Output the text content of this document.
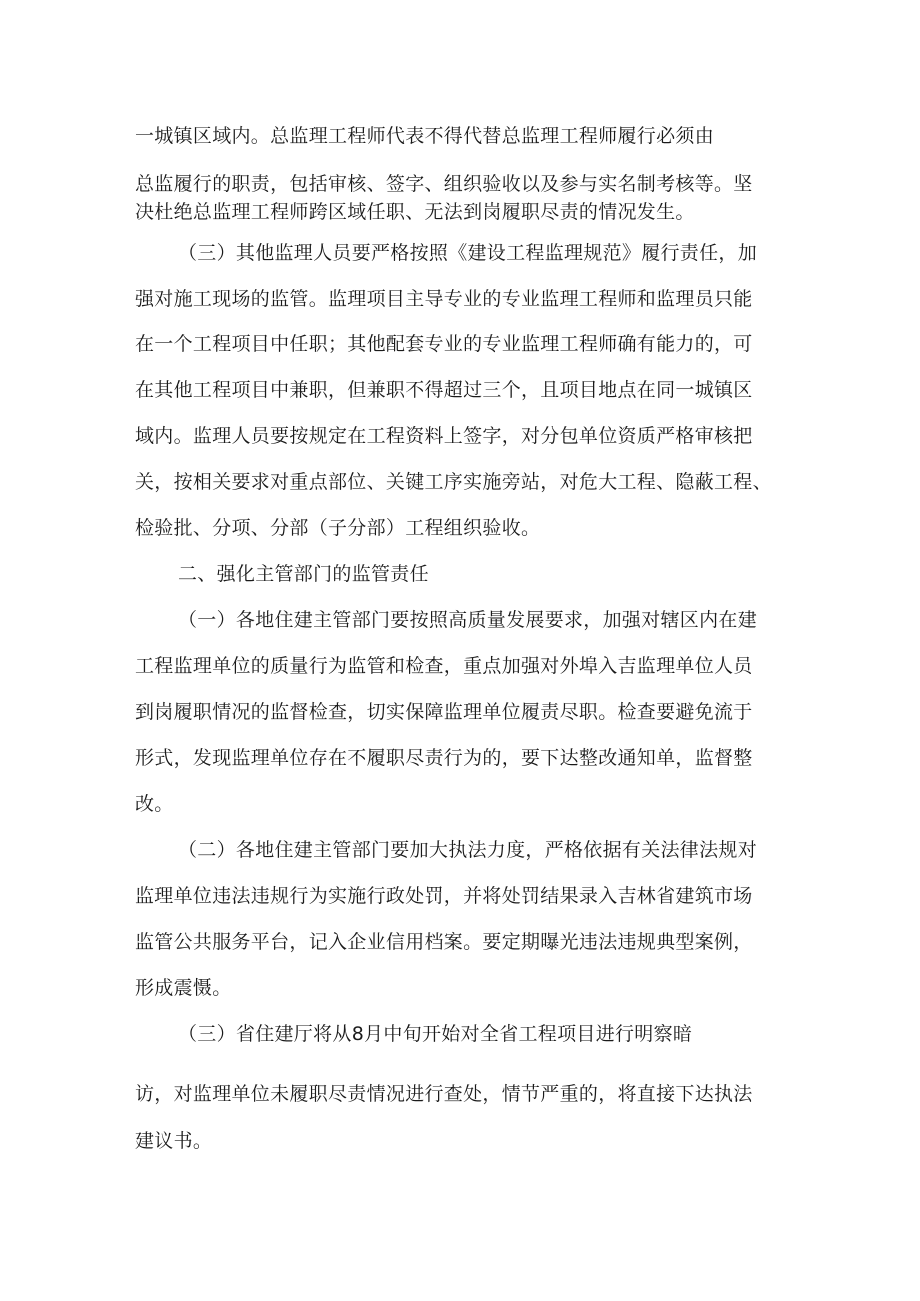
一城镇区域内。总监理工程师代表不得代替总监理工程师履行必须由
总监履行的职责，包括审核、签字、组织验收以及参与实名制考核等。坚
决杜绝总监理工程师跨区域任职、无法到岗履职尽责的情况发生。
（三）其他监理人员要严格按照《建设工程监理规范》履行责任，加
强对施工现场的监管。监理项目主导专业的专业监理工程师和监理员只能
在一个工程项目中任职；其他配套专业的专业监理工程师确有能力的，可
在其他工程项目中兼职，但兼职不得超过三个，且项目地点在同一城镇区
域内。监理人员要按规定在工程资料上签字，对分包单位资质严格审核把
关，按相关要求对重点部位、关键工序实施旁站，对危大工程、隐蔽工程、
检验批、分项、分部（子分部）工程组织验收。
二、强化主管部门的监管责任
（一）各地住建主管部门要按照高质量发展要求，加强对辖区内在建
工程监理单位的质量行为监管和检查，重点加强对外埠入吉监理单位人员
到岗履职情况的监督检查，切实保障监理单位履责尽职。检查要避免流于
形式，发现监理单位存在不履职尽责行为的，要下达整改通知单，监督整
改。
（二）各地住建主管部门要加大执法力度，严格依据有关法律法规对
监理单位违法违规行为实施行政处罚，并将处罚结果录入吉林省建筑市场
监管公共服务平台，记入企业信用档案。要定期曝光违法违规典型案例，
形成震慑。
（三）省住建厅将从8月中旬开始对全省工程项目进行明察暗
访，对监理单位未履职尽责情况进行查处，情节严重的，将直接下达执法
建议书。
